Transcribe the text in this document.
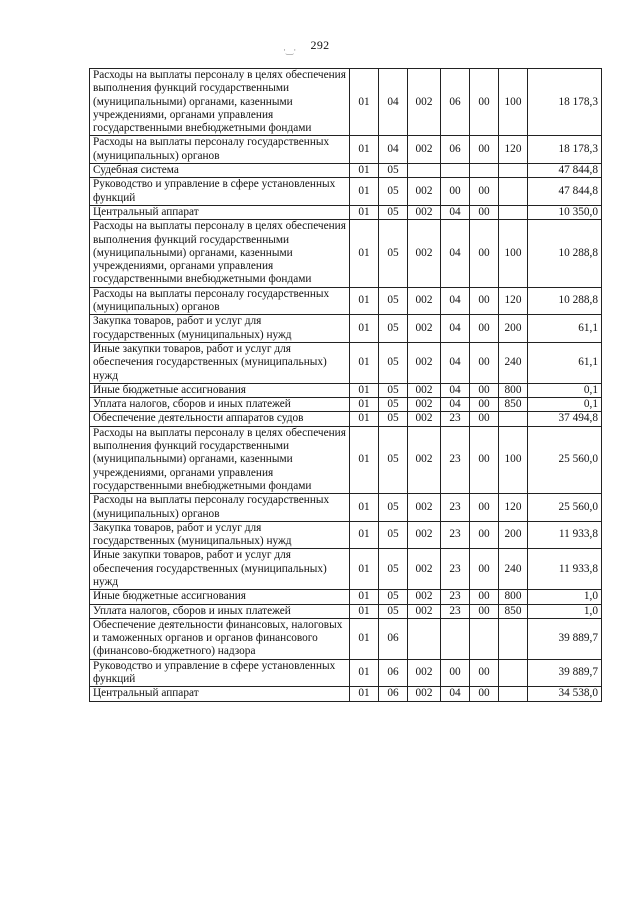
292
·‿·
Расходы на выплаты персоналу в целях обеспечения выполнения функций государственными (муниципальными) органами, казенными учреждениями, органами управления государственными внебюджетными фондами	01	04	002	06	00	100	18 178,3
Расходы на выплаты персоналу государственных (муниципальных) органов	01	04	002	06	00	120	18 178,3
Судебная система	01	05					47 844,8
Руководство и управление в сфере установленных функций	01	05	002	00	00		47 844,8
Центральный аппарат	01	05	002	04	00		10 350,0
Расходы на выплаты персоналу в целях обеспечения выполнения функций государственными (муниципальными) органами, казенными учреждениями, органами управления государственными внебюджетными фондами	01	05	002	04	00	100	10 288,8
Расходы на выплаты персоналу государственных (муниципальных) органов	01	05	002	04	00	120	10 288,8
Закупка товаров, работ и услуг для государственных (муниципальных) нужд	01	05	002	04	00	200	61,1
Иные закупки товаров, работ и услуг для обеспечения государственных (муниципальных) нужд	01	05	002	04	00	240	61,1
Иные бюджетные ассигнования	01	05	002	04	00	800	0,1
Уплата налогов, сборов и иных платежей	01	05	002	04	00	850	0,1
Обеспечение деятельности аппаратов судов	01	05	002	23	00		37 494,8
Расходы на выплаты персоналу в целях обеспечения выполнения функций государственными (муниципальными) органами, казенными учреждениями, органами управления государственными внебюджетными фондами	01	05	002	23	00	100	25 560,0
Расходы на выплаты персоналу государственных (муниципальных) органов	01	05	002	23	00	120	25 560,0
Закупка товаров, работ и услуг для государственных (муниципальных) нужд	01	05	002	23	00	200	11 933,8
Иные закупки товаров, работ и услуг для обеспечения государственных (муниципальных) нужд	01	05	002	23	00	240	11 933,8
Иные бюджетные ассигнования	01	05	002	23	00	800	1,0
Уплата налогов, сборов и иных платежей	01	05	002	23	00	850	1,0
Обеспечение деятельности финансовых, налоговых и таможенных органов и органов финансового (финансово-бюджетного) надзора	01	06					39 889,7
Руководство и управление в сфере установленных функций	01	06	002	00	00		39 889,7
Центральный аппарат	01	06	002	04	00		34 538,0
